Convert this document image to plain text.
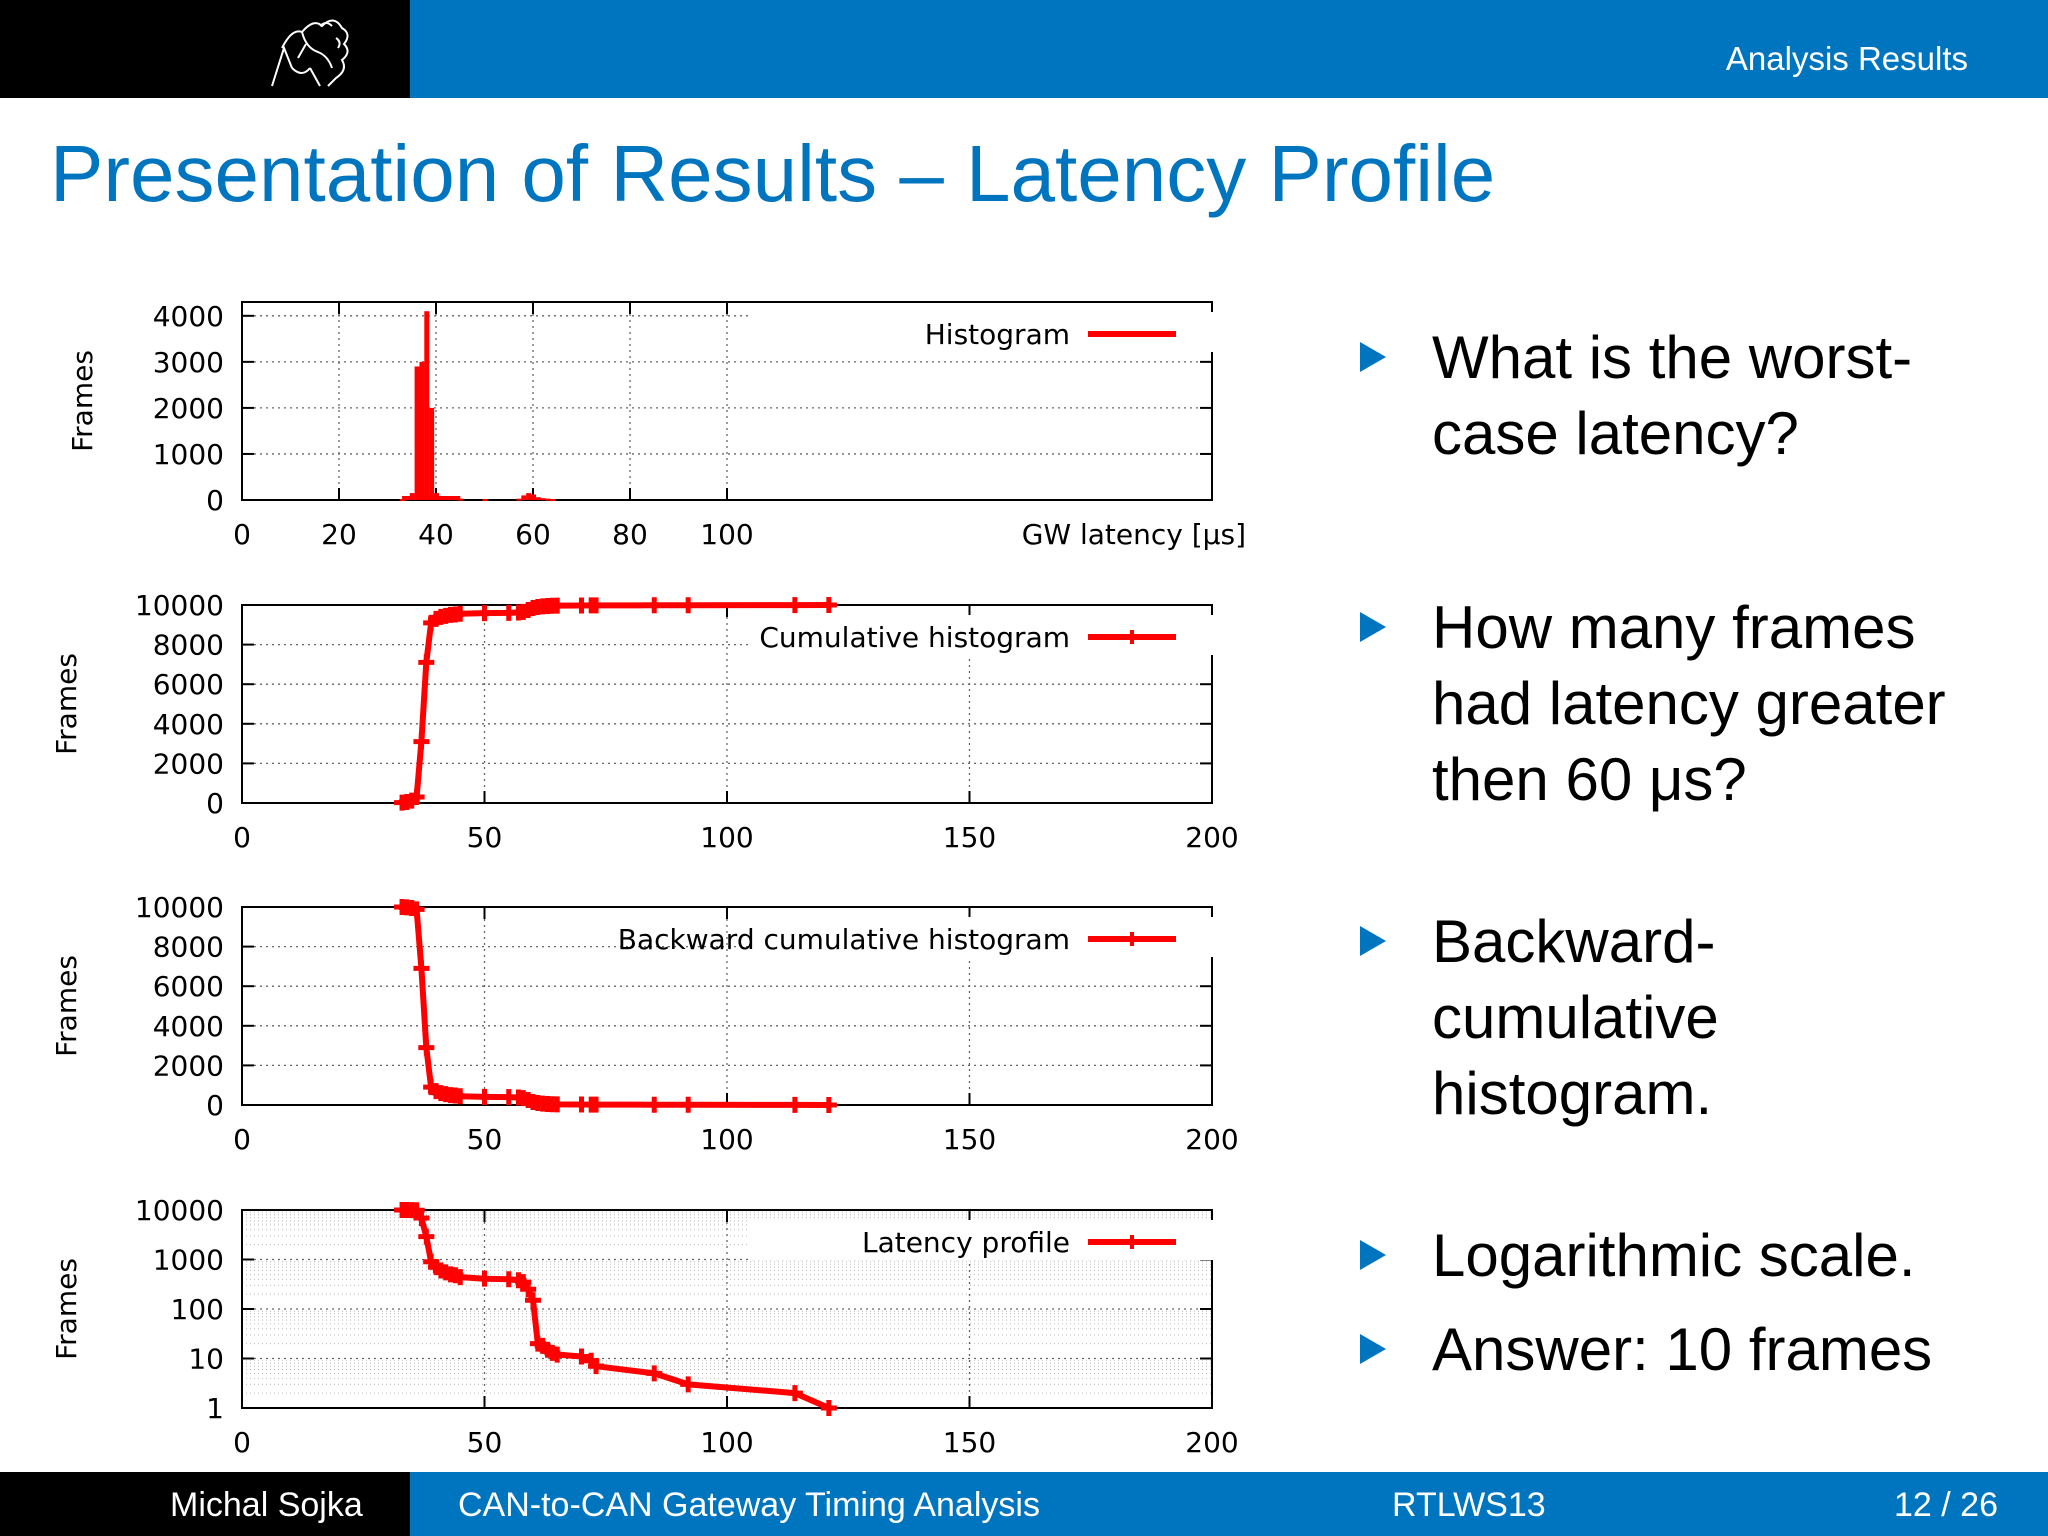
Analysis Results
Presentation of Results – Latency Profile
0
1000
2000
3000
4000
0	20 40 60 80 100
Frames
GW latency [μs]
Histogram
0
2000
4000
6000
8000
10000
0	50	100	150	200
Frames
Cumulative histogram
0
2000
4000
6000
8000
10000
0	50	100	150	200
Frames
Backward cumulative histogram
1
10
100
1000
10000
0	50	100	150	200
Frames
Latency profile
What is the worst-case latency?
How many frames had latency greater then 60 μs?
Backward-cumulative histogram.
Logarithmic scale.
Answer: 10 frames
Michal Sojka	CAN-to-CAN Gateway Timing Analysis	RTLWS13	12 / 26
